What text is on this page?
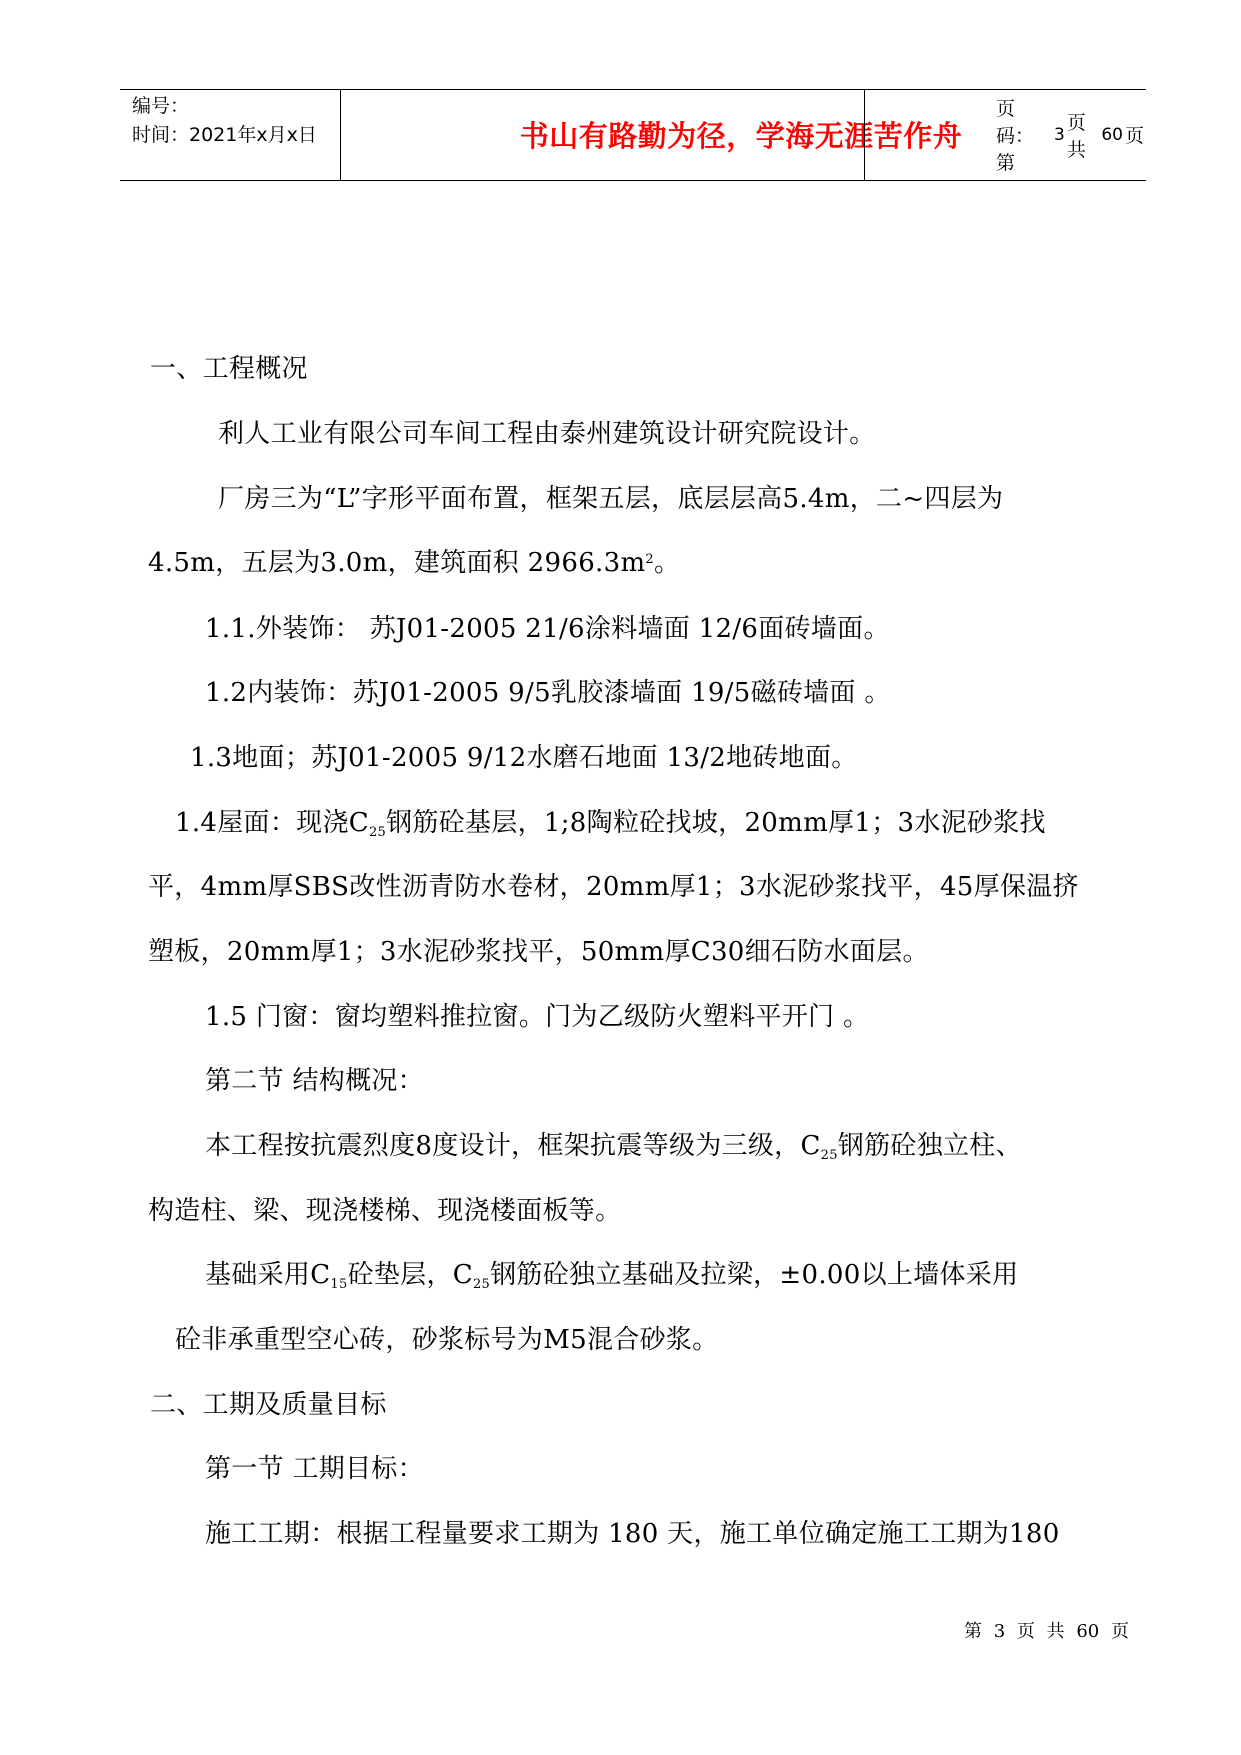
编号：
时间：2021年x月x日	书山有路勤为径，学海无涯苦作舟
页码：第
3
页 共
60 页
一、工程概况
利人工业有限公司车间工程由泰州建筑设计研究院设计。
厂房三为“L”字形平面布置，框架五层，底层层高5.4m，二~四层为
4.5m，五层为3.0m，建筑面积 $2966.3m^2$。
1.1.外装饰： 苏J01-2005 21/6涂料墙面 12/6面砖墙面。
1.2内装饰：苏J01-2005 9/5乳胶漆墙面 19/5磁砖墙面 。
1.3地面；苏J01-2005 9/12水磨石地面 13/2地砖地面。
1.4屋面：现浇$C_{25}$钢筋砼基层，1;8陶粒砼找坡，20mm厚1；3水泥砂浆找
平，4mm厚SBS改性沥青防水卷材，20mm厚1；3水泥砂浆找平，45厚保温挤
塑板，20mm厚1；3水泥砂浆找平，50mm厚C30细石防水面层。
1.5 门窗：窗均塑料推拉窗。门为乙级防火塑料平开门 。
第二节 结构概况：
本工程按抗震烈度8度设计，框架抗震等级为三级，$C_{25}$钢筋砼独立柱、
构造柱、梁、现浇楼梯、现浇楼面板等。
基础采用$C_{15}$砼垫层，$C_{25}$钢筋砼独立基础及拉梁，±0.00以上墙体采用
砼非承重型空心砖，砂浆标号为M5混合砂浆。
二、工期及质量目标
第一节 工期目标：
施工工期：根据工程量要求工期为 180 天，施工单位确定施工工期为180
第 3 页 共 60 页
